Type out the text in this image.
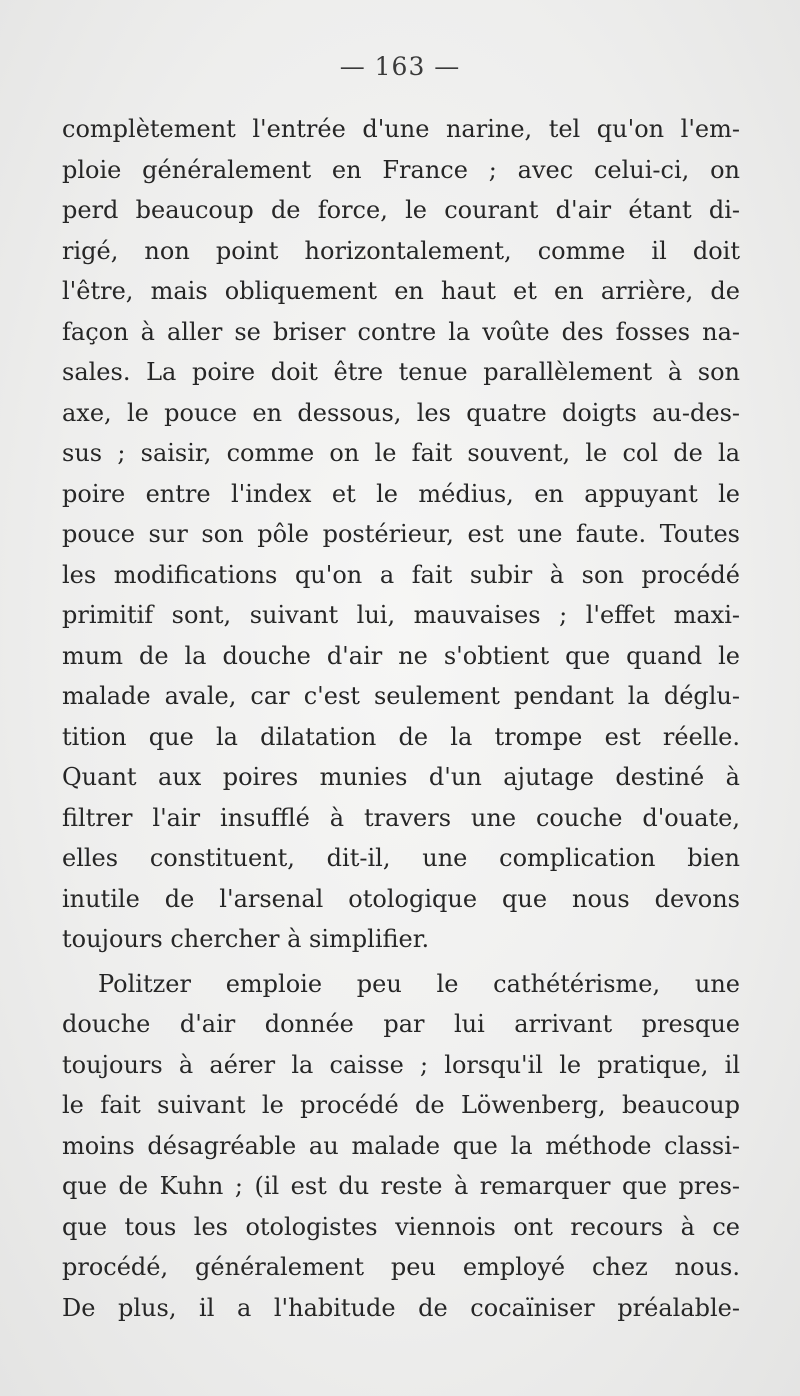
— 163 —
complètement l'entrée d'une narine, tel qu'on l'em-
ploie généralement en France ; avec celui-ci, on
perd beaucoup de force, le courant d'air étant di-
rigé, non point horizontalement, comme il doit
l'être, mais obliquement en haut et en arrière, de
façon à aller se briser contre la voûte des fosses na-
sales. La poire doit être tenue parallèlement à son
axe, le pouce en dessous, les quatre doigts au-des-
sus ; saisir, comme on le fait souvent, le col de la
poire entre l'index et le médius, en appuyant le
pouce sur son pôle postérieur, est une faute. Toutes
les modifications qu'on a fait subir à son procédé
primitif sont, suivant lui, mauvaises ; l'effet maxi-
mum de la douche d'air ne s'obtient que quand le
malade avale, car c'est seulement pendant la déglu-
tition que la dilatation de la trompe est réelle.
Quant aux poires munies d'un ajutage destiné à
filtrer l'air insufflé à travers une couche d'ouate,
elles constituent, dit-il, une complication bien
inutile de l'arsenal otologique que nous devons
toujours chercher à simplifier.
Politzer emploie peu le cathétérisme, une
douche d'air donnée par lui arrivant presque
toujours à aérer la caisse ; lorsqu'il le pratique, il
le fait suivant le procédé de Löwenberg, beaucoup
moins désagréable au malade que la méthode classi-
que de Kuhn ; (il est du reste à remarquer que pres-
que tous les otologistes viennois ont recours à ce
procédé, généralement peu employé chez nous.
De plus, il a l'habitude de cocaïniser préalable-
